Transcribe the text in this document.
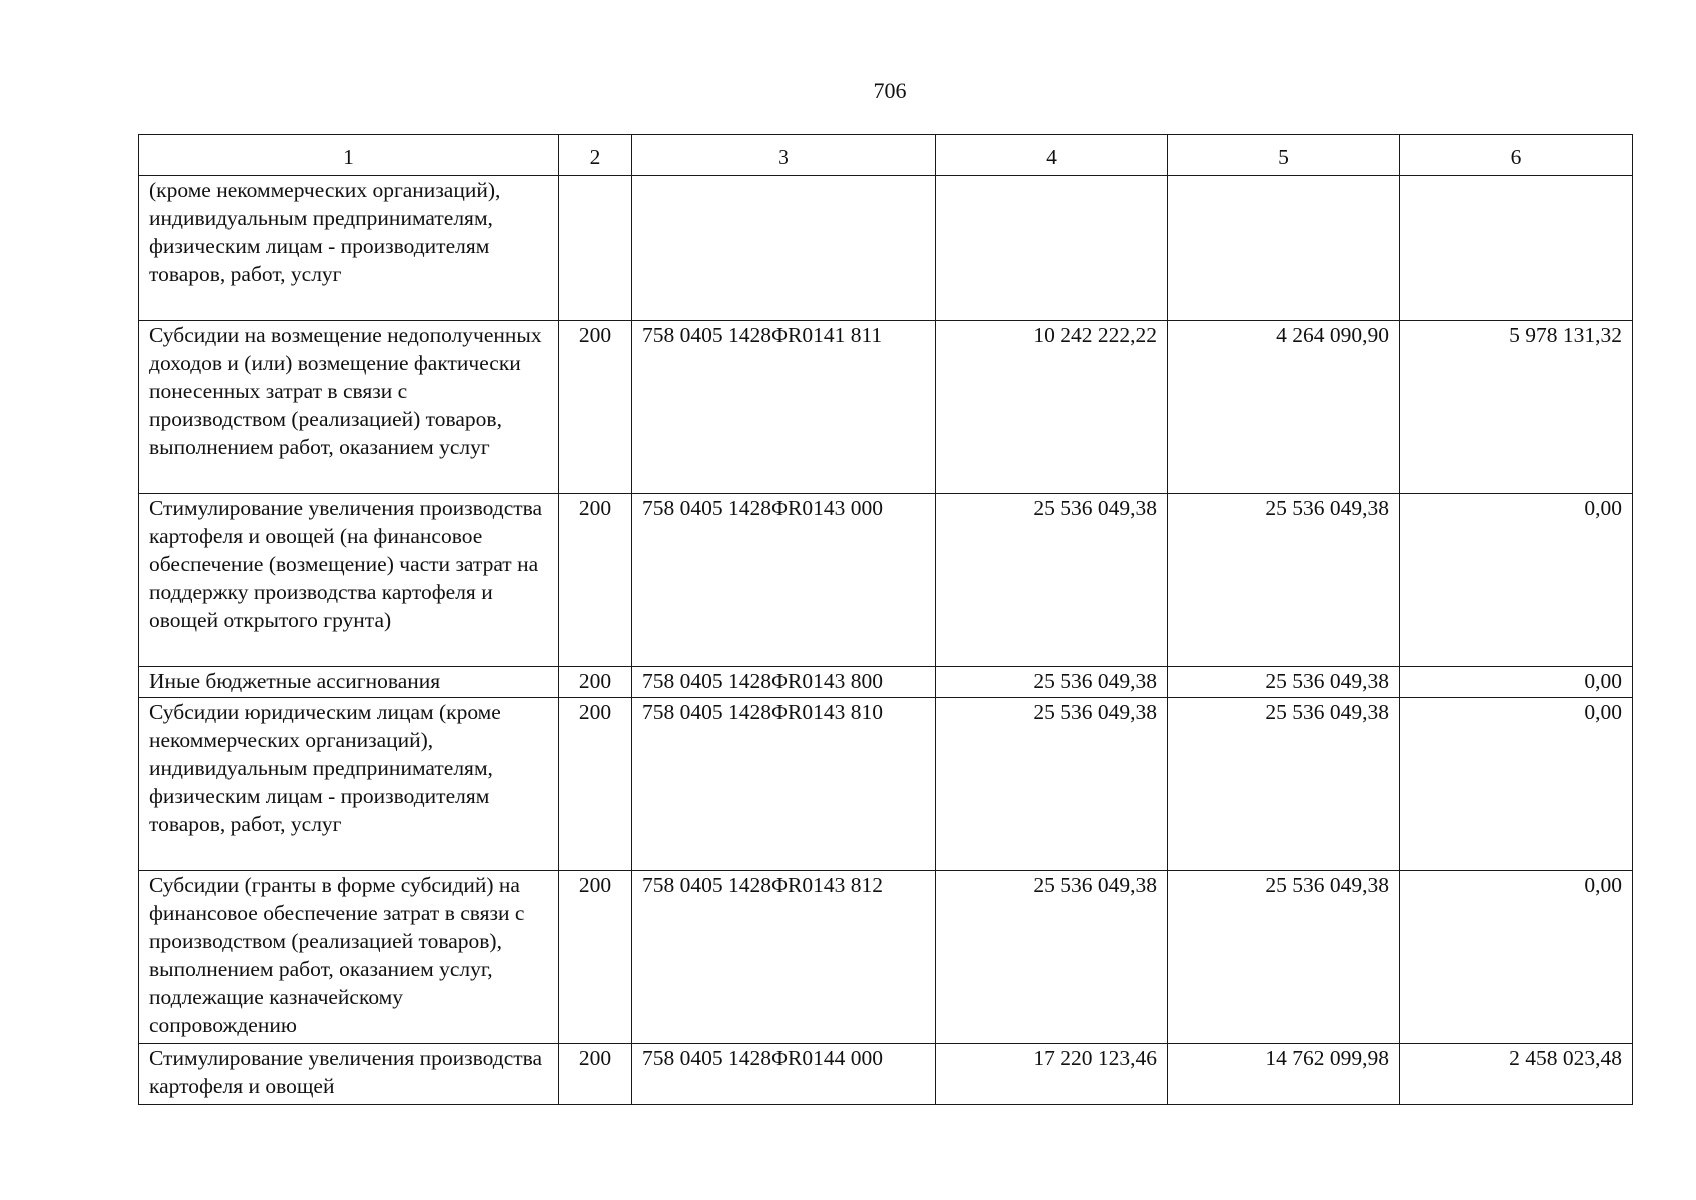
706
1	2	3	4	5	6

(кроме некоммерческих организаций), индивидуальным предпринимателям, физическим лицам - производителям товаров, работ, услуг					

Субсидии на возмещение недополученных доходов и (или) возмещение фактически понесенных затрат в связи с производством (реализацией) товаров, выполнением работ, оказанием услуг	200	758 0405 1428ФR0141 811	10 242 222,22	4 264 090,90	5 978 131,32

Стимулирование увеличения производства картофеля и овощей (на финансовое обеспечение (возмещение) части затрат на поддержку производства картофеля и овощей открытого грунта)	200	758 0405 1428ФR0143 000	25 536 049,38	25 536 049,38	0,00

Иные бюджетные ассигнования	200	758 0405 1428ФR0143 800	25 536 049,38	25 536 049,38	0,00

Субсидии юридическим лицам (кроме некоммерческих организаций), индивидуальным предпринимателям, физическим лицам - производителям товаров, работ, услуг	200	758 0405 1428ФR0143 810	25 536 049,38	25 536 049,38	0,00

Субсидии (гранты в форме субсидий) на финансовое обеспечение затрат в связи с производством (реализацией товаров), выполнением работ, оказанием услуг, подлежащие казначейскому сопровождению	200	758 0405 1428ФR0143 812	25 536 049,38	25 536 049,38	0,00

Стимулирование увеличения производства картофеля и овощей	200	758 0405 1428ФR0144 000	17 220 123,46	14 762 099,98	2 458 023,48
